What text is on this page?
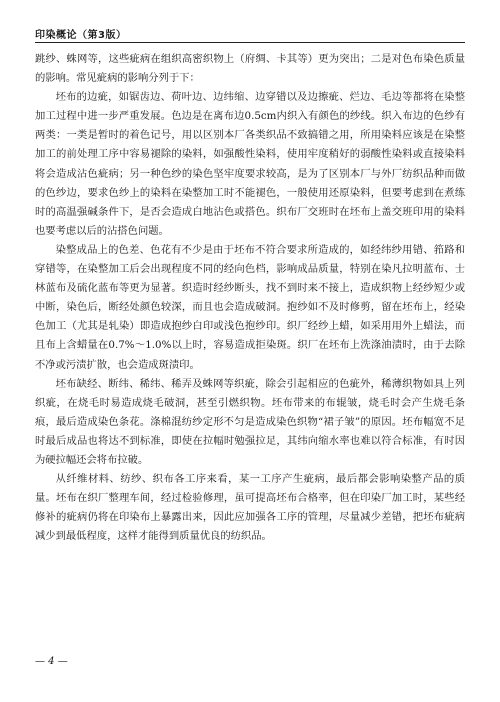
印染概论（第3版）

跳纱、蛛网等，这些疵病在组织高密织物上（府绸、卡其等）更为突出；二是对色布染色质量的影响。常见疵病的影响分列于下：

坯布的边疵，如锯齿边、荷叶边、边纬缩、边穿错以及边擦疵、烂边、毛边等都将在染整加工过程中进一步严重发展。色边是在离布边0.5cm内织入有颜色的纱线。织入布边的色纱有两类：一类是暂时的着色记号，用以区别本厂各类织品不致搞错之用，所用染料应该是在染整加工的前处理工序中容易褪除的染料，如强酸性染料，使用牢度稍好的弱酸性染料或直接染料将会造成沾色疵病；另一种色纱的染色坚牢度要求较高，是为了区别本厂与外厂纺织品种而做的色纱边，要求色纱上的染料在染整加工时不能褪色，一般使用还原染料，但要考虑到在煮练时的高温强碱条件下，是否会造成白地沾色或搭色。织布厂交班时在坯布上盖交班印用的染料也要考虑以后的沾搭色问题。

染整成品上的色差、色花有不少是由于坯布不符合要求所造成的，如经纬纱用错、筘路和穿错等，在染整加工后会出现程度不同的经向色档，影响成品质量，特别在染凡拉明蓝布、士林蓝布及硫化蓝布等更为显著。织造时经纱断头，找不到时来不接上，造成织物上经纱短少或中断，染色后，断经处颜色较深，而且也会造成破洞。抱纱如不及时修剪，留在坯布上，经染色加工（尤其是轧染）即造成抱纱白印或浅色抱纱印。织厂经纱上蜡，如采用用外上蜡法，而且布上含蜡量在0.7%～1.0%以上时，容易造成拒染斑。织厂在坯布上洗涤油渍时，由于去除不净或污渍扩散，也会造成斑渍印。

坯布缺经、断纬、稀纬、稀弄及蛛网等织疵，除会引起相应的色疵外，稀薄织物如具上列织疵，在烧毛时易造成烧毛破洞，甚至引燃织物。坯布带来的布辊皱，烧毛时会产生烧毛条痕，最后造成染色条花。涤棉混纺纱定形不匀是造成染色织物“裙子皱”的原因。坯布幅宽不足时最后成品也将达不到标准，即使在拉幅时勉强拉足，其纬向缩水率也难以符合标准，有时因为硬拉幅还会将布拉破。

从纤维材料、纺纱、织布各工序来看，某一工序产生疵病，最后都会影响染整产品的质量。坯布在织厂整理车间，经过检验修理，虽可提高坯布合格率，但在印染厂加工时，某些经修补的疵病仍将在印染布上暴露出来，因此应加强各工序的管理，尽量减少差错，把坯布疵病减少到最低程度，这样才能得到质量优良的纺织品。

— 4 —
